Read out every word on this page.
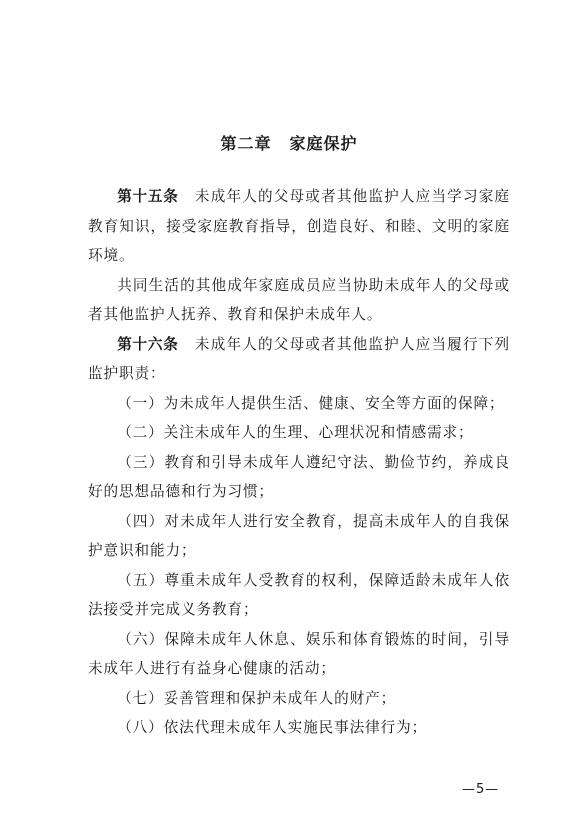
第二章 家庭保护

第十五条 未成年人的父母或者其他监护人应当学习家庭教育知识，接受家庭教育指导，创造良好、和睦、文明的家庭环境。

共同生活的其他成年家庭成员应当协助未成年人的父母或者其他监护人抚养、教育和保护未成年人。

第十六条 未成年人的父母或者其他监护人应当履行下列监护职责：

（一）为未成年人提供生活、健康、安全等方面的保障；

（二）关注未成年人的生理、心理状况和情感需求；

（三）教育和引导未成年人遵纪守法、勤俭节约，养成良好的思想品德和行为习惯；

（四）对未成年人进行安全教育，提高未成年人的自我保护意识和能力；

（五）尊重未成年人受教育的权利，保障适龄未成年人依法接受并完成义务教育；

（六）保障未成年人休息、娱乐和体育锻炼的时间，引导未成年人进行有益身心健康的活动；

（七）妥善管理和保护未成年人的财产；

（八）依法代理未成年人实施民事法律行为；

—5—
